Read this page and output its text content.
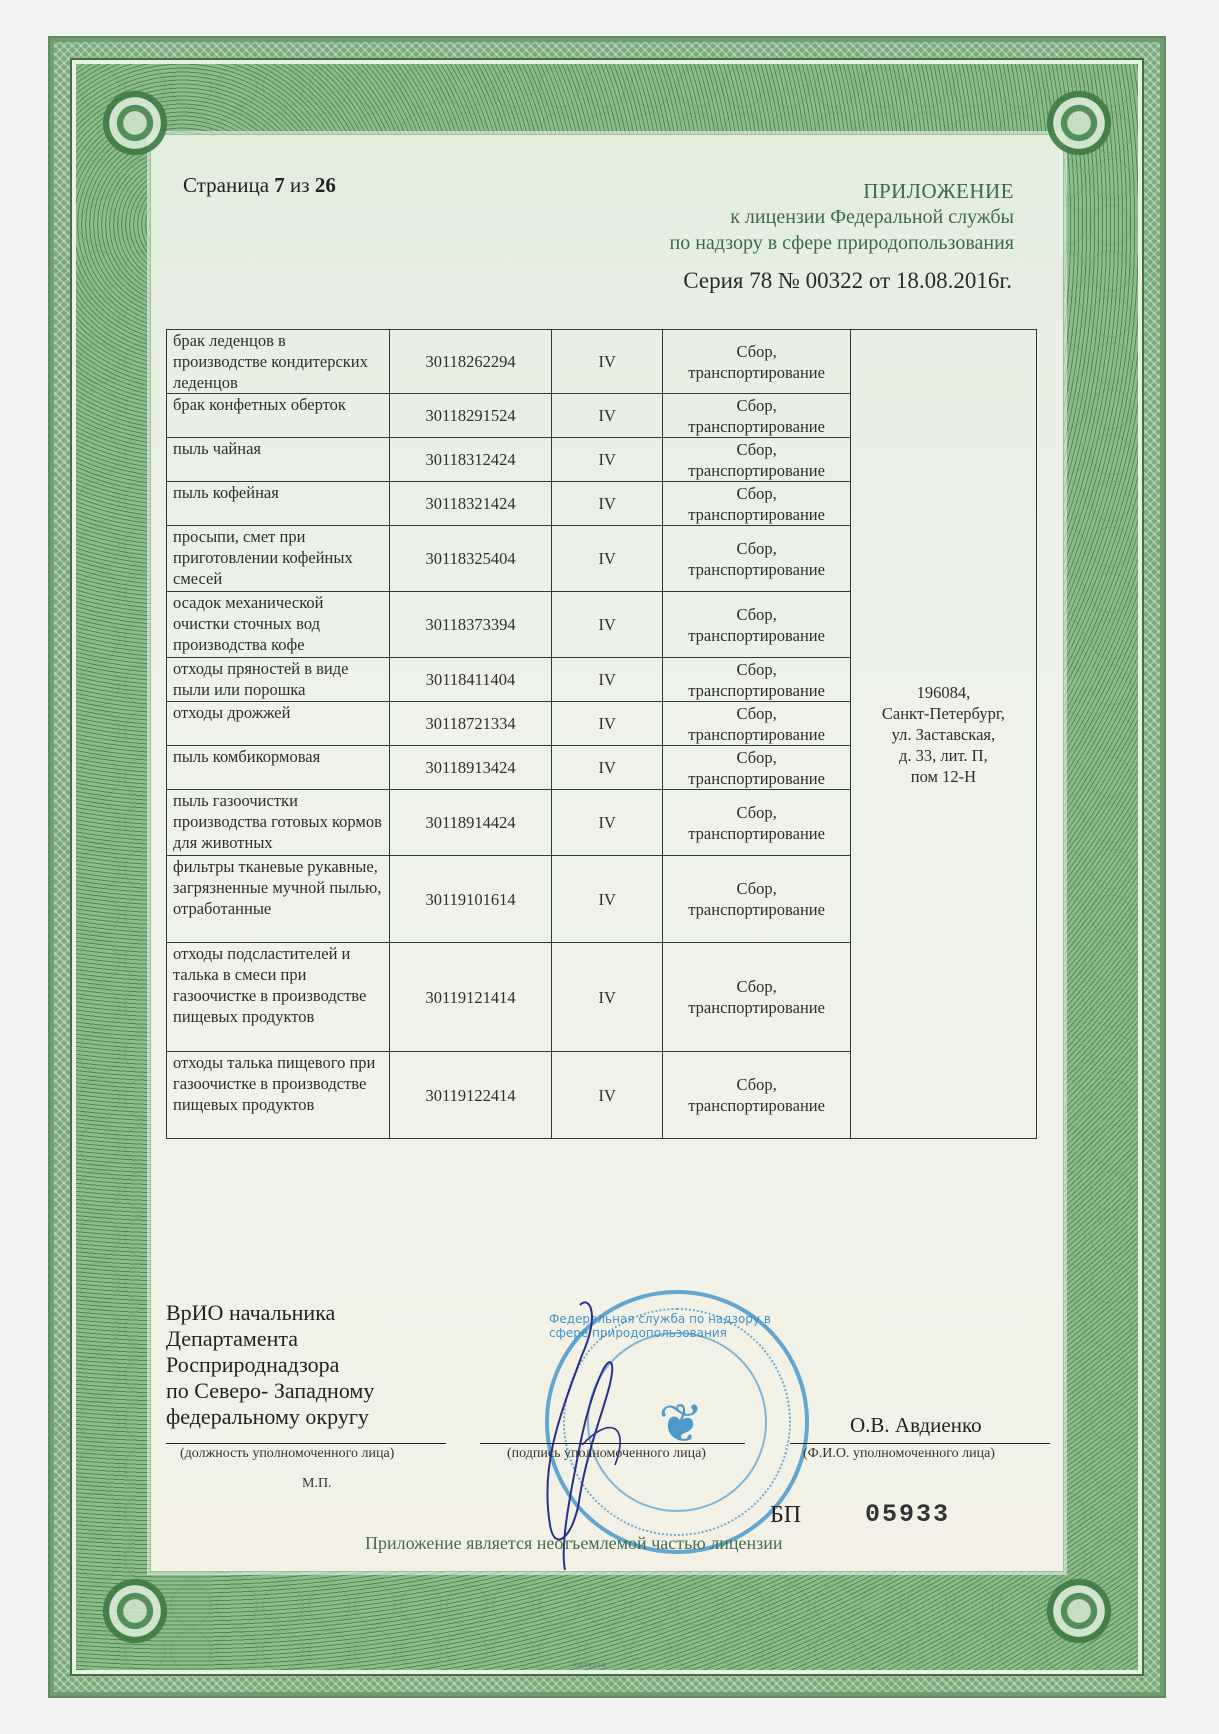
Страница 7 из 26	ПРИЛОЖЕНИЕ
к лицензии Федеральной службы
по надзору в сфере природопользования
Серия 78 № 00322 от 18.08.2016г.
брак леденцов в производстве кондитерских леденцов	30118262294	IV	Сбор, транспортирование	196084,
Санкт-Петербург,
ул. Заставская,
д. 33, лит. П,
пом 12-Н

брак конфетных оберток	30118291524	IV	Сбор, транспортирование	
пыль чайная	30118312424	IV	Сбор, транспортирование	
пыль кофейная	30118321424	IV	Сбор, транспортирование	
просыпи, смет при приготовлении кофейных смесей	30118325404	IV	Сбор, транспортирование	
осадок механической очистки сточных вод производства кофе	30118373394	IV	Сбор, транспортирование	
отходы пряностей в виде пыли или порошка	30118411404	IV	Сбор, транспортирование	
отходы дрожжей	30118721334	IV	Сбор, транспортирование	
пыль комбикормовая	30118913424	IV	Сбор, транспортирование	
пыль газоочистки производства готовых кормов для животных	30118914424	IV	Сбор, транспортирование	
фильтры тканевые рукавные, загрязненные мучной пылью, отработанные	30119101614	IV	Сбор, транспортирование	
отходы подсластителей и талька в смеси при газоочистке в производстве пищевых продуктов	30119121414	IV	Сбор, транспортирование	
отходы талька пищевого при газоочистке в производстве пищевых продуктов	30119122414	IV	Сбор, транспортирование	
ВрИО начальника
Департамента
Росприроднадзора
по Северо- Западному
федеральному округу
Федеральная служба по надзору в сфере природопользования
❦
(должность уполномоченного лица)	(подпись уполномоченного лица)	(Ф.И.О. уполномоченного лица)
О.В. Авдиенко
М.П.
БП	05933
Приложение является неотъемлемой частью лицензии
©НТГРАФ
